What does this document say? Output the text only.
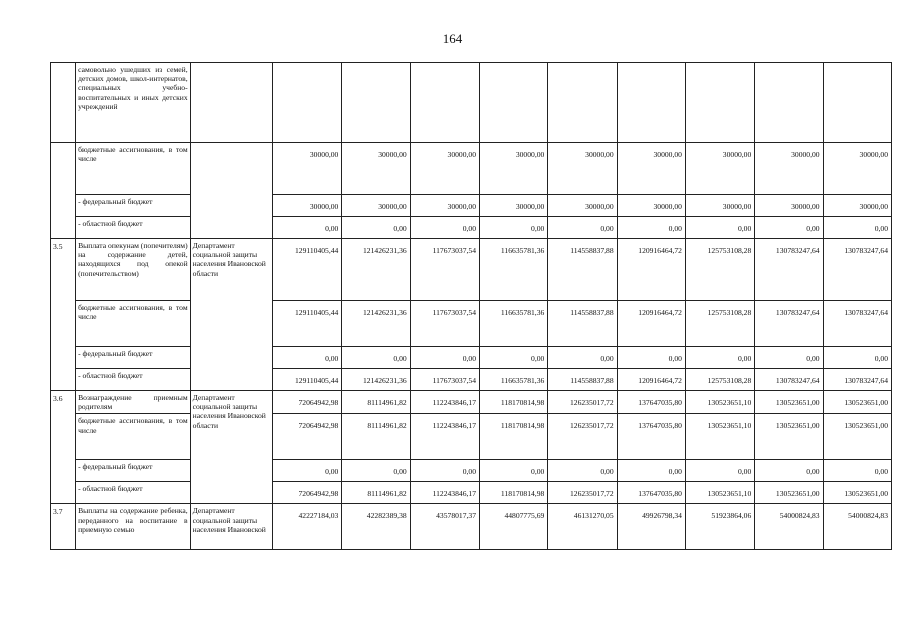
164
	самовольно ушедших из семей, детских домов, школ-интернатов, специальных учебно-воспитательных и иных детских учреждений										
	бюджетные ассигнования, в том числе		30000,00	30000,00	30000,00	30000,00	30000,00	30000,00	30000,00	30000,00	30000,00
	- федеральный бюджет		30000,00	30000,00	30000,00	30000,00	30000,00	30000,00	30000,00	30000,00	30000,00
	- областной бюджет		0,00	0,00	0,00	0,00	0,00	0,00	0,00	0,00	0,00
3.5	Выплата опекунам (попечителям) на содержание детей, находящихся под опекой (попечительством)	Департамент социальной защиты населения Ивановской области	129110405,44	121426231,36	117673037,54	116635781,36	114558837,88	120916464,72	125753108,28	130783247,64	130783247,64
	бюджетные ассигнования, в том числе		129110405,44	121426231,36	117673037,54	116635781,36	114558837,88	120916464,72	125753108,28	130783247,64	130783247,64
	- федеральный бюджет		0,00	0,00	0,00	0,00	0,00	0,00	0,00	0,00	0,00
	- областной бюджет		129110405,44	121426231,36	117673037,54	116635781,36	114558837,88	120916464,72	125753108,28	130783247,64	130783247,64
3.6	Вознаграждение приемным родителям	Департамент социальной защиты населения Ивановской области	72064942,98	81114961,82	112243846,17	118170814,98	126235017,72	137647035,80	130523651,10	130523651,00	130523651,00
	бюджетные ассигнования, в том числе		72064942,98	81114961,82	112243846,17	118170814,98	126235017,72	137647035,80	130523651,10	130523651,00	130523651,00
	- федеральный бюджет		0,00	0,00	0,00	0,00	0,00	0,00	0,00	0,00	0,00
	- областной бюджет		72064942,98	81114961,82	112243846,17	118170814,98	126235017,72	137647035,80	130523651,10	130523651,00	130523651,00
3.7	Выплаты на содержание ребенка, переданного на воспитание в приемную семью	Департамент социальной защиты населения Ивановской	42227184,03	42282389,38	43578017,37	44807775,69	46131270,05	49926798,34	51923864,06	54000824,83	54000824,83
